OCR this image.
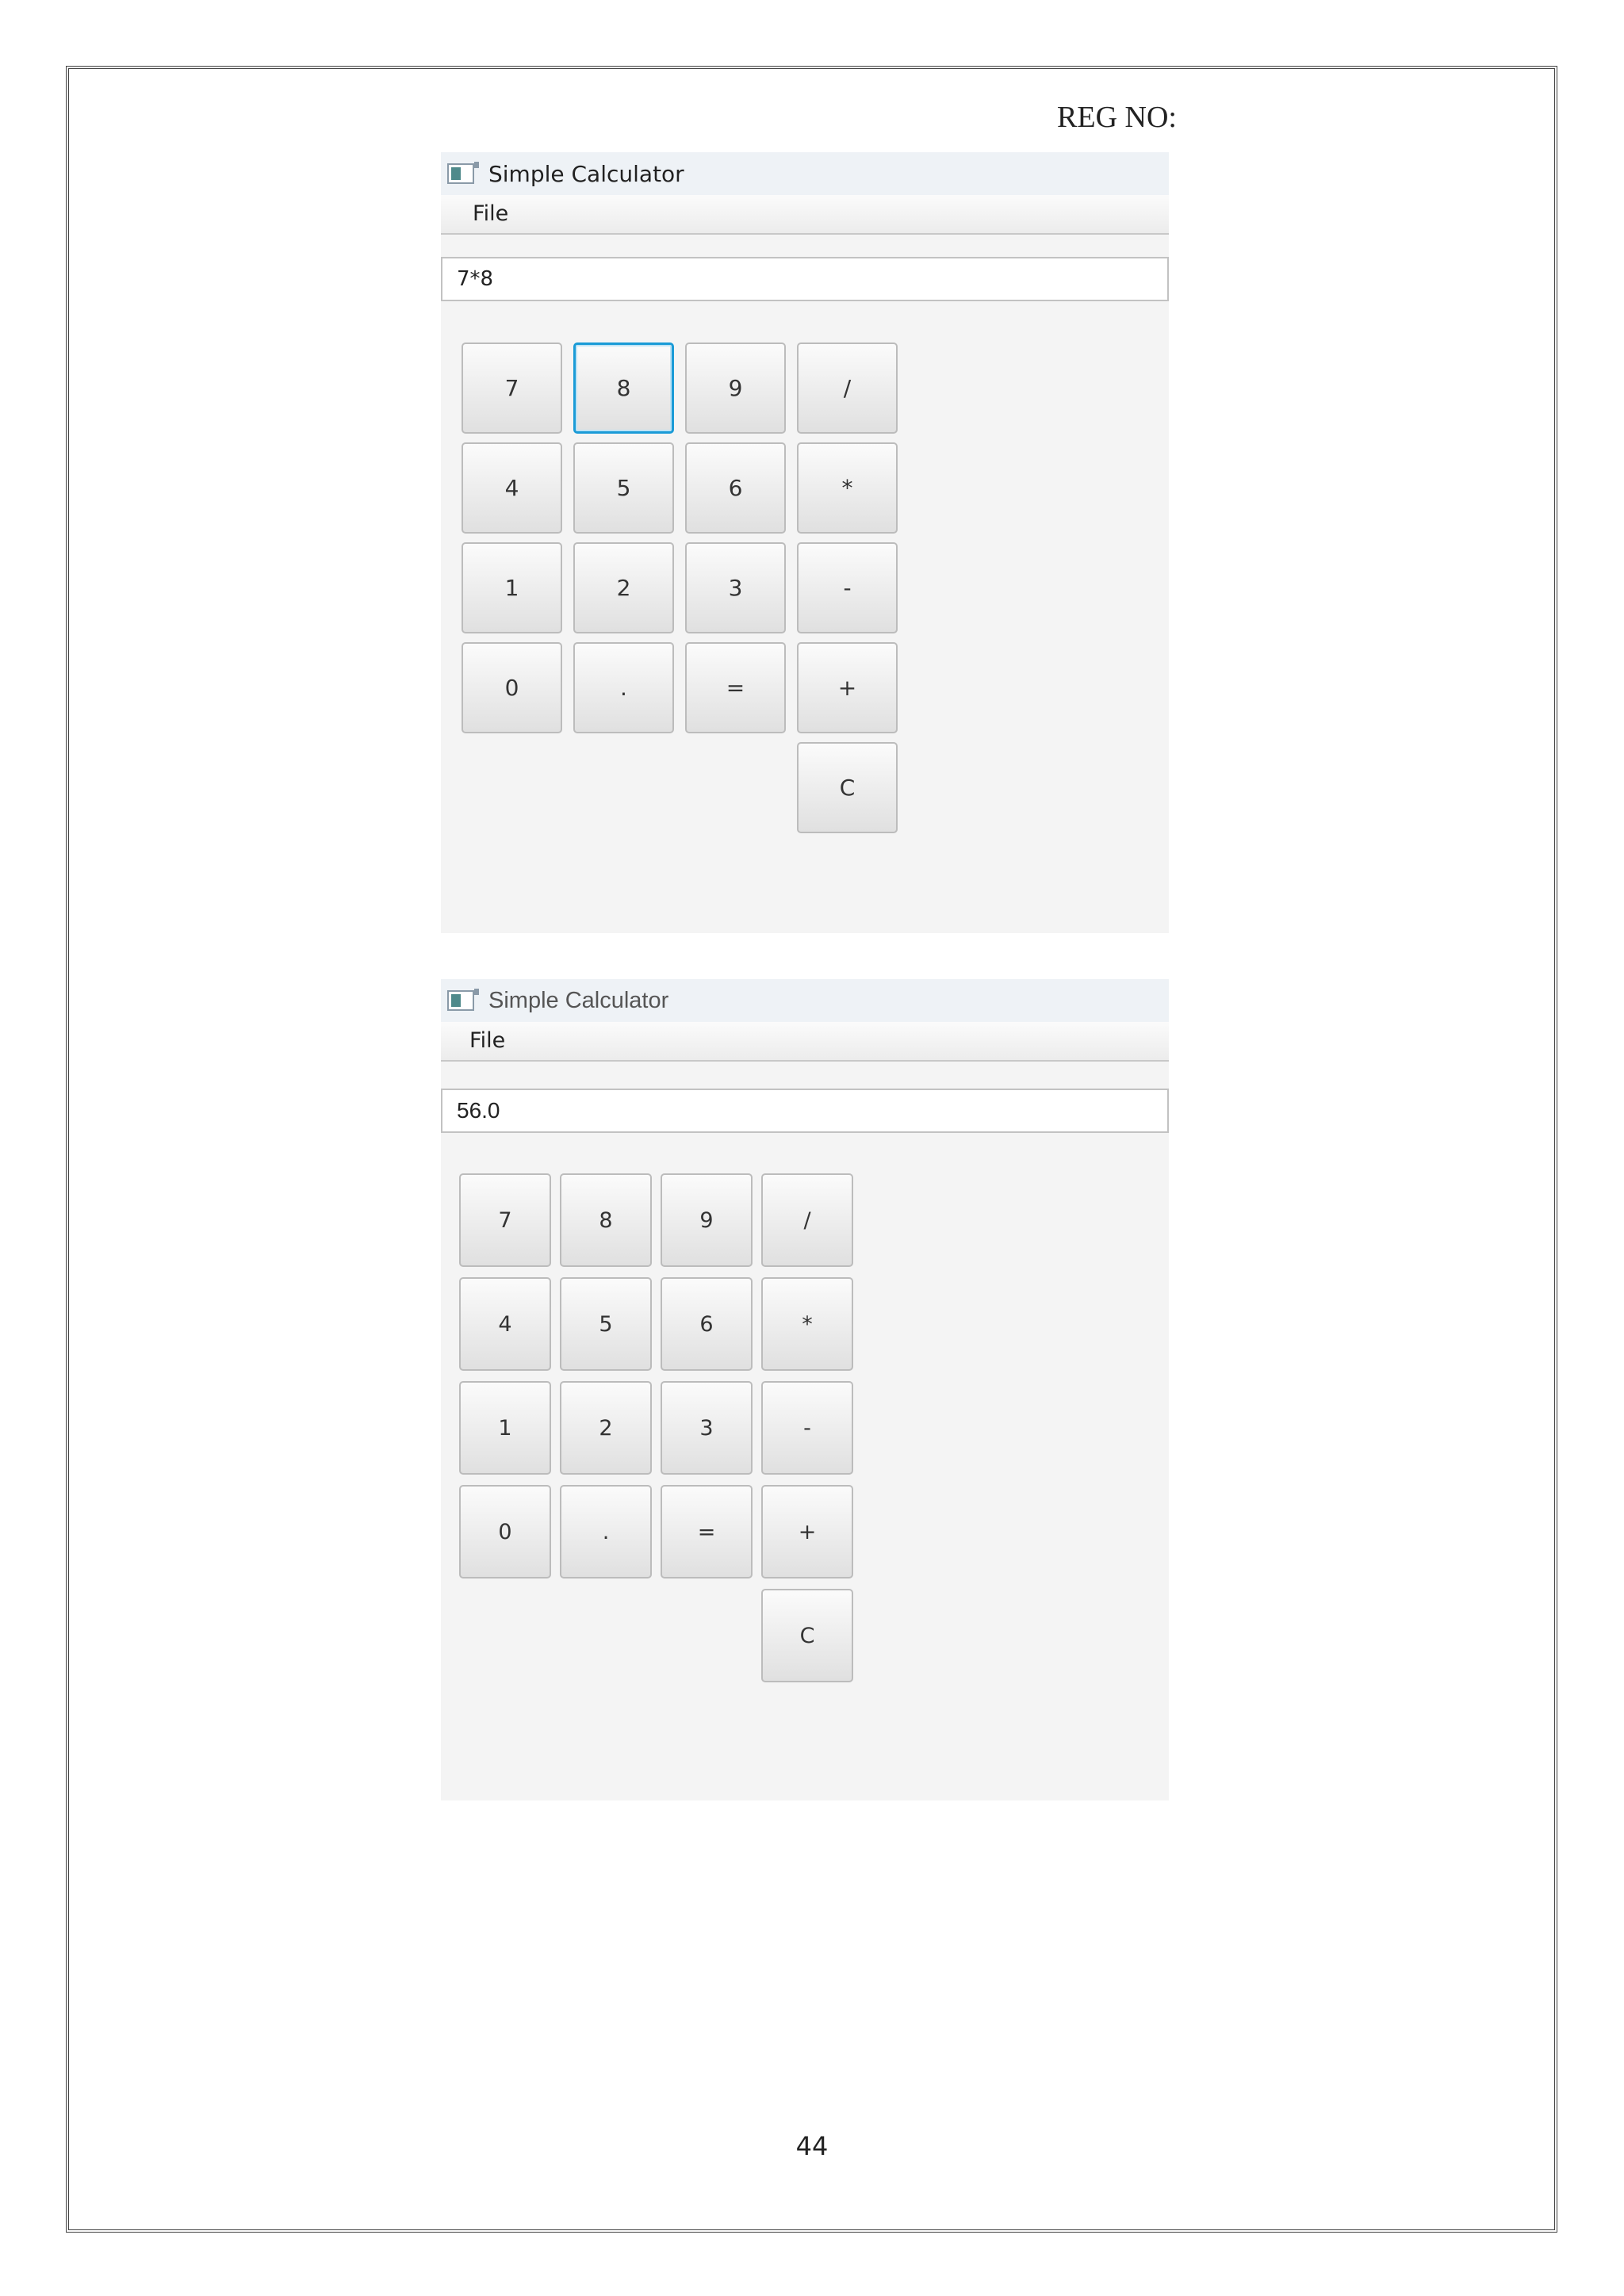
REG NO:
Simple Calculator
File
7*8
7	8	9	/
4	5	6	*
1	2	3	-
0	.	=	+
C
Simple Calculator
File
56.0
7	8	9	/
4	5	6	*
1	2	3	-
0	.	=	+
C
44
